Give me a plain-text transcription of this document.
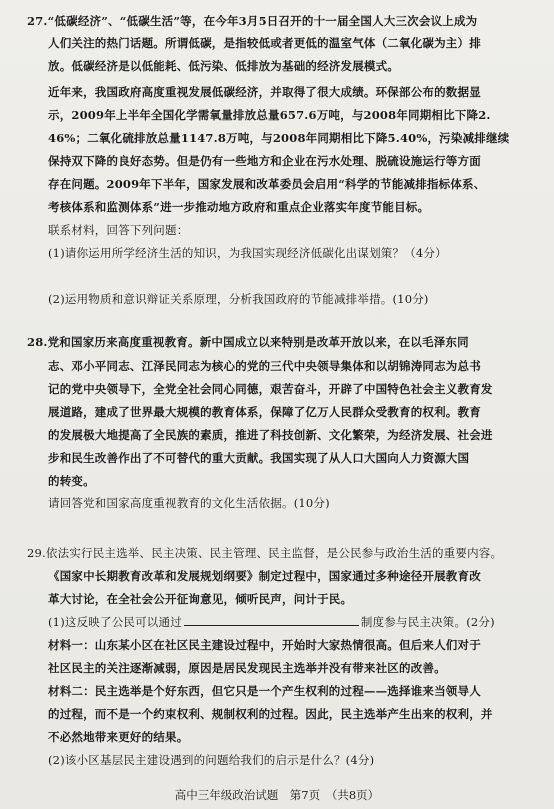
27.“低碳经济”、“低碳生活”等，在今年3月5日召开的十一届全国人大三次会议上成为
人们关注的热门话题。所谓低碳，是指较低或者更低的温室气体（二氧化碳为主）排
放。低碳经济是以低能耗、低污染、低排放为基础的经济发展模式。
近年来，我国政府高度重视发展低碳经济，并取得了很大成绩。环保部公布的数据显
示，2009年上半年全国化学需氧量排放总量657.6万吨，与2008年同期相比下降2.
46%；二氧化硫排放总量1147.8万吨，与2008年同期相比下降5.40%，污染减排继续
保持双下降的良好态势。但是仍有一些地方和企业在污水处理、脱硫设施运行等方面
存在问题。2009年下半年，国家发展和改革委员会启用“科学的节能减排指标体系、
考核体系和监测体系”进一步推动地方政府和重点企业落实年度节能目标。
联系材料，回答下列问题：
(1)请你运用所学经济生活的知识，为我国实现经济低碳化出谋划策？（4分）
(2)运用物质和意识辩证关系原理，分析我国政府的节能减排举措。(10分)
28.党和国家历来高度重视教育。新中国成立以来特别是改革开放以来，在以毛泽东同
志、邓小平同志、江泽民同志为核心的党的三代中央领导集体和以胡锦涛同志为总书
记的党中央领导下，全党全社会同心同德，艰苦奋斗，开辟了中国特色社会主义教育发
展道路，建成了世界最大规模的教育体系，保障了亿万人民群众受教育的权利。教育
的发展极大地提高了全民族的素质，推进了科技创新、文化繁荣，为经济发展、社会进
步和民生改善作出了不可替代的重大贡献。我国实现了从人口大国向人力资源大国
的转变。
请回答党和国家高度重视教育的文化生活依据。(10分)
29.依法实行民主选举、民主决策、民主管理、民主监督，是公民参与政治生活的重要内容。
《国家中长期教育改革和发展规划纲要》制定过程中，国家通过多种途径开展教育改
革大讨论，在全社会公开征询意见，倾听民声，问计于民。
(1)这反映了公民可以通过	制度参与民主决策。(2分)
材料一：山东某小区在社区民主建设过程中，开始时大家热情很高。但后来人们对于
社区民主的关注逐渐减弱，原因是居民发现民主选举并没有带来社区的改善。
材料二：民主选举是个好东西，但它只是一个产生权利的过程——选择谁来当领导人
的过程，而不是一个约束权利、规制权利的过程。因此，民主选举产生出来的权利，并
不必然地带来更好的结果。
(2)该小区基层民主建设遇到的问题给我们的启示是什么？(4分)
高中三年级政治试题　第7页　（共8页）
